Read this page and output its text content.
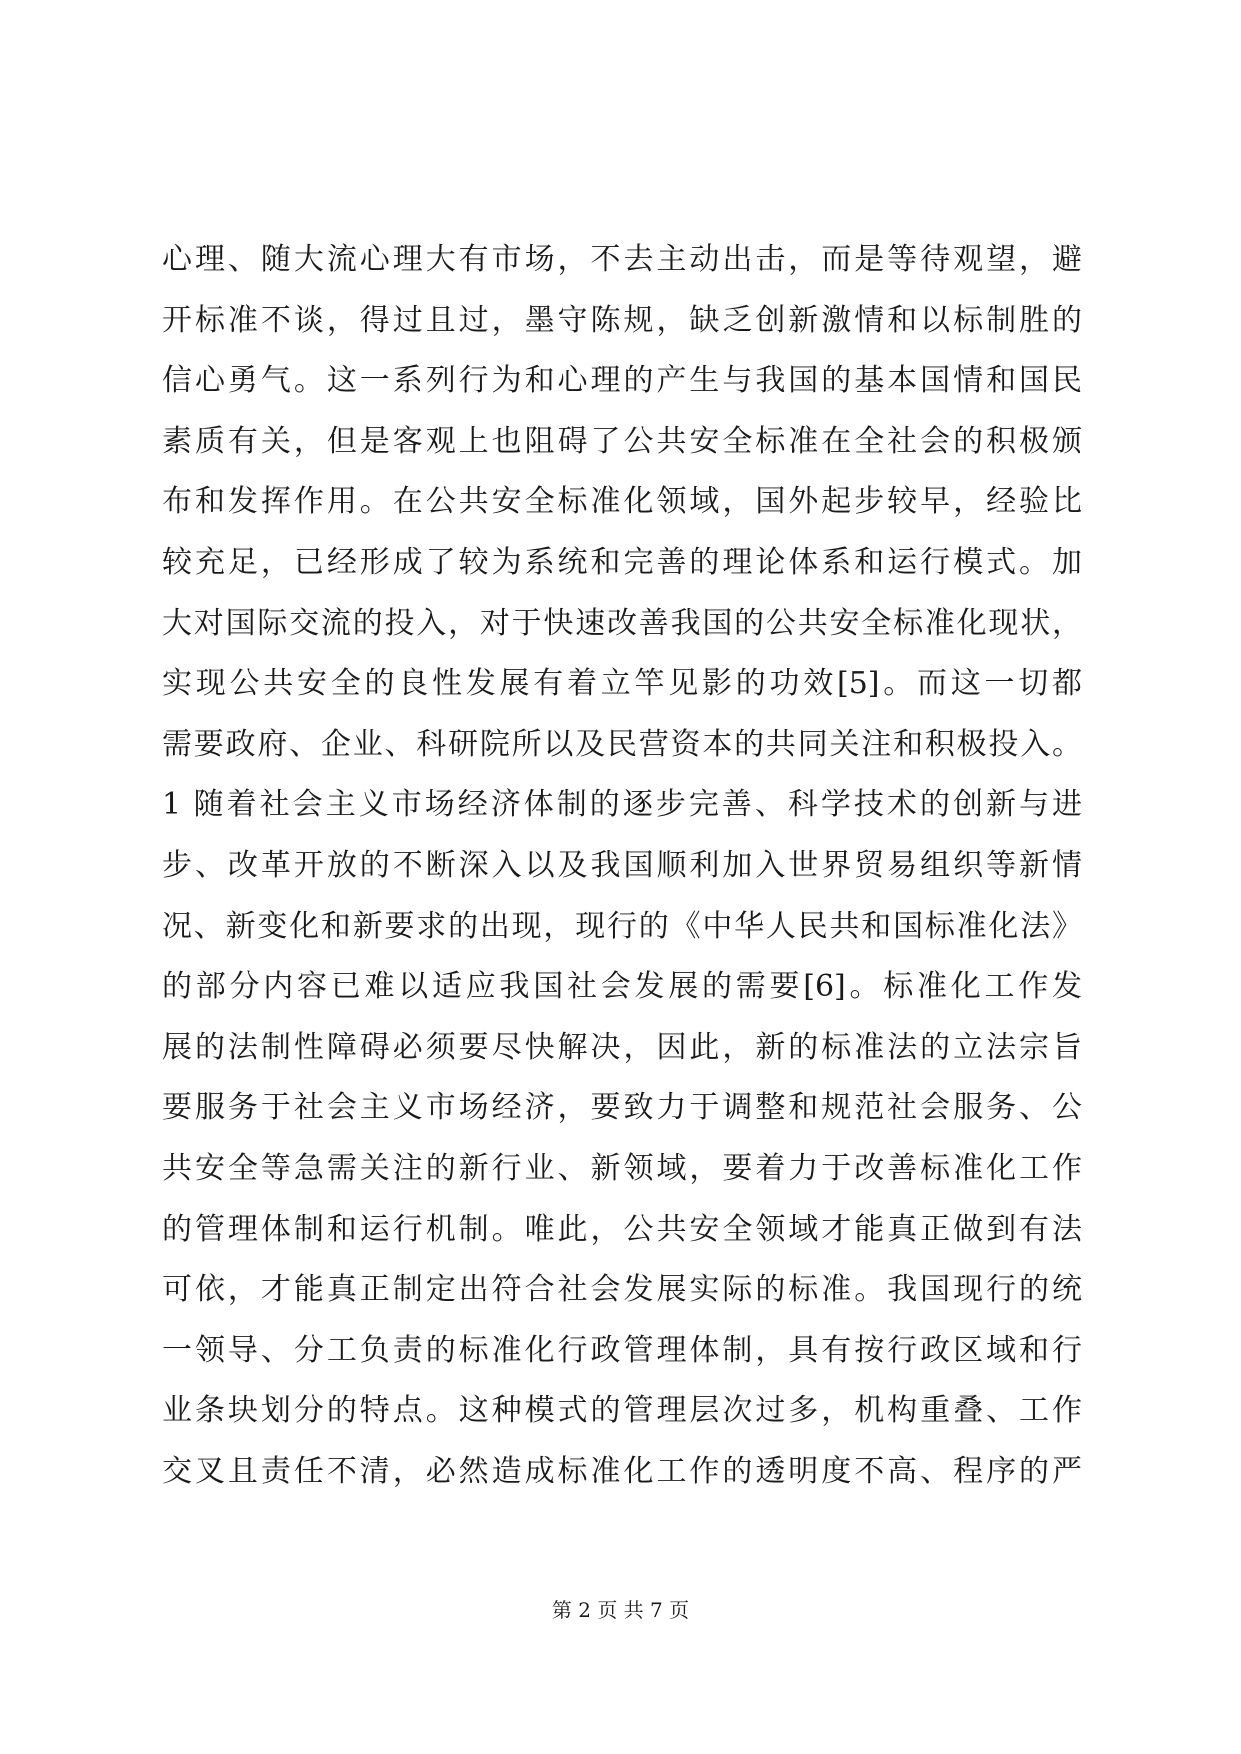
心理、随大流心理大有市场，不去主动出击，而是等待观望，避
开标准不谈，得过且过，墨守陈规，缺乏创新激情和以标制胜的
信心勇气。这一系列行为和心理的产生与我国的基本国情和国民
素质有关，但是客观上也阻碍了公共安全标准在全社会的积极颁
布和发挥作用。在公共安全标准化领域，国外起步较早，经验比
较充足，已经形成了较为系统和完善的理论体系和运行模式。加
大对国际交流的投入，对于快速改善我国的公共安全标准化现状，
实现公共安全的良性发展有着立竿见影的功效[5]。而这一切都
需要政府、企业、科研院所以及民营资本的共同关注和积极投入。
1 随着社会主义市场经济体制的逐步完善、科学技术的创新与进
步、改革开放的不断深入以及我国顺利加入世界贸易组织等新情
况、新变化和新要求的出现，现行的《中华人民共和国标准化法》
的部分内容已难以适应我国社会发展的需要[6]。标准化工作发
展的法制性障碍必须要尽快解决，因此，新的标准法的立法宗旨
要服务于社会主义市场经济，要致力于调整和规范社会服务、公
共安全等急需关注的新行业、新领域，要着力于改善标准化工作
的管理体制和运行机制。唯此，公共安全领域才能真正做到有法
可依，才能真正制定出符合社会发展实际的标准。我国现行的统
一领导、分工负责的标准化行政管理体制，具有按行政区域和行
业条块划分的特点。这种模式的管理层次过多，机构重叠、工作
交叉且责任不清，必然造成标准化工作的透明度不高、程序的严
第 2 页 共 7 页
